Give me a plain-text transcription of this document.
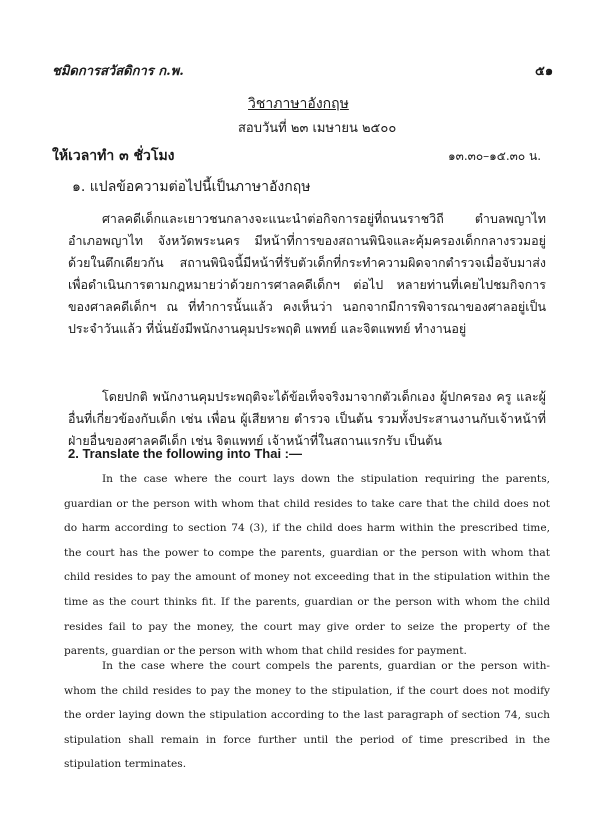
ชมิดการสวัสดิการ ก.พ.	๕๑
วิชาภาษาอังกฤษ
สอบวันที่ ๒๓ เมษายน ๒๕๐๐
ให้เวลาทำ ๓ ชั่วโมง	๑๓.๓๐–๑๕.๓๐ น.
๑. แปลข้อความต่อไปนี้เป็นภาษาอังกฤษ
ศาลคดีเด็กและเยาวชนกลางจะแนะนำต่อกิจการอยู่ที่ถนนราชวิถี ตำบลพญาไท อำเภอพญาไท จังหวัดพระนคร มีหน้าที่การของสถานพินิจและคุ้มครองเด็กกลางรวมอยู่ด้วยในตึกเดียวกัน สถานพินิจนี้มีหน้าที่รับตัวเด็กที่กระทำความผิดจากตำรวจเมื่อจับมาส่งเพื่อดำเนินการตามกฎหมายว่าด้วยการศาลคดีเด็กฯ ต่อไป หลายท่านที่เคยไปชมกิจการของศาลคดีเด็กฯ ณ ที่ทำการนั้นแล้ว คงเห็นว่า นอกจากมีการพิจารณาของศาลอยู่เป็นประจำวันแล้ว ที่นั่นยังมีพนักงานคุมประพฤติ แพทย์ และจิตแพทย์ ทำงานอยู่
โดยปกติ พนักงานคุมประพฤติจะได้ข้อเท็จจริงมาจากตัวเด็กเอง ผู้ปกครอง ครู และผู้อื่นที่เกี่ยวข้องกับเด็ก เช่น เพื่อน ผู้เสียหาย ตำรวจ เป็นต้น รวมทั้งประสานงานกับเจ้าหน้าที่ฝ่ายอื่นของศาลคดีเด็ก เช่น จิตแพทย์ เจ้าหน้าที่ในสถานแรกรับ เป็นต้น
2. Translate the following into Thai :—
In the case where the court lays down the stipulation requiring the parents, guardian or the person with whom that child resides to take care that the child does not do harm according to section 74 (3), if the child does harm within the prescribed time, the court has the power to compe the parents, guardian or the person with whom that child resides to pay the amount of money not exceeding that in the stipulation within the time as the court thinks fit. If the parents, guardian or the person with whom the child resides fail to pay the money, the court may give order to seize the property of the parents, guardian or the person with whom that child resides for payment.
In the case where the court compels the parents, guardian or the person with-whom the child resides to pay the money to the stipulation, if the court does not modify the order laying down the stipulation according to the last paragraph of section 74, such stipulation shall remain in force further until the period of time prescribed in the stipulation terminates.
